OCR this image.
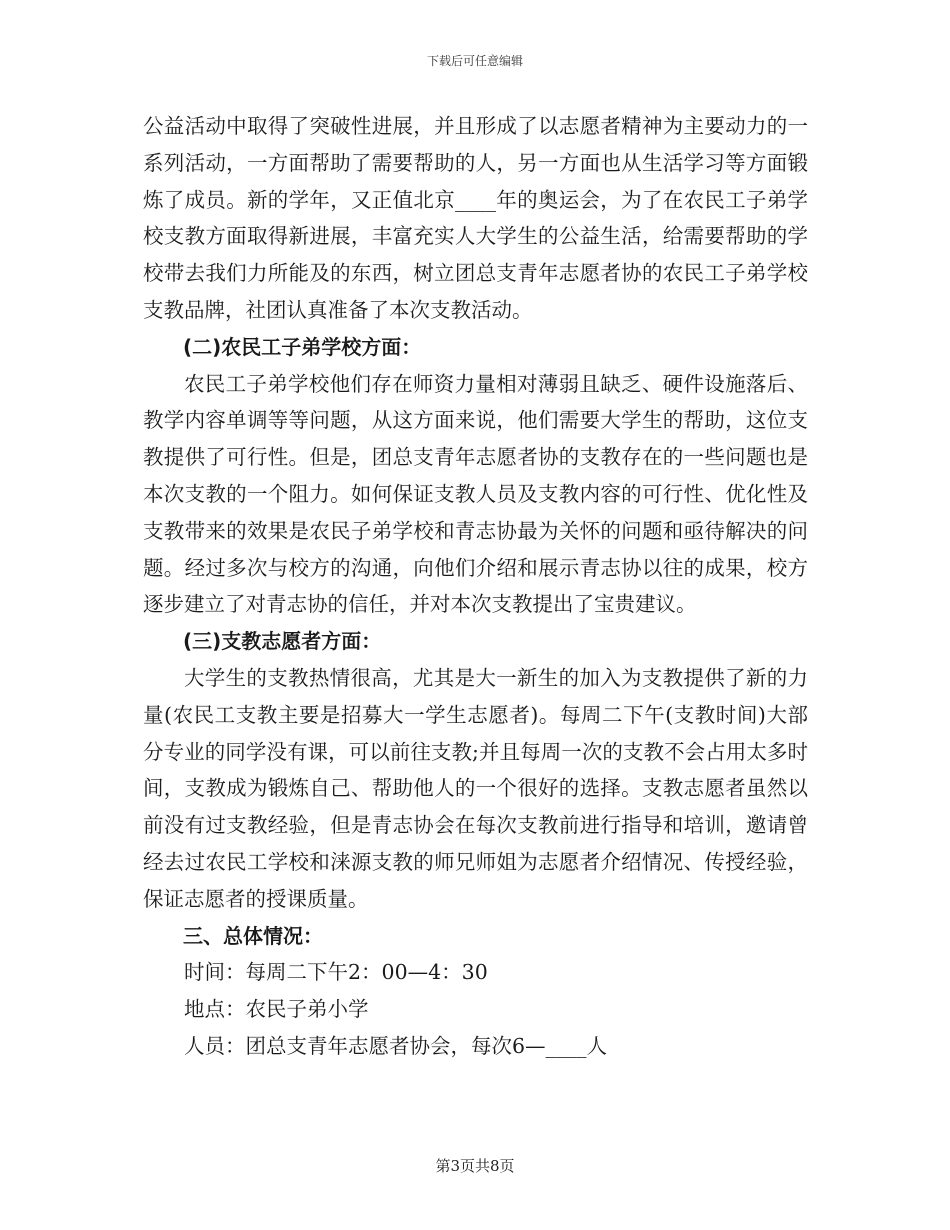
下载后可任意编辑

公益活动中取得了突破性进展，并且形成了以志愿者精神为主要动力的一系列活动，一方面帮助了需要帮助的人，另一方面也从生活学习等方面锻炼了成员。新的学年，又正值北京____年的奥运会，为了在农民工子弟学校支教方面取得新进展，丰富充实人大学生的公益生活，给需要帮助的学校带去我们力所能及的东西，树立团总支青年志愿者协的农民工子弟学校支教品牌，社团认真准备了本次支教活动。

(二)农民工子弟学校方面：

农民工子弟学校他们存在师资力量相对薄弱且缺乏、硬件设施落后、教学内容单调等等问题，从这方面来说，他们需要大学生的帮助，这位支教提供了可行性。但是，团总支青年志愿者协的支教存在的一些问题也是本次支教的一个阻力。如何保证支教人员及支教内容的可行性、优化性及支教带来的效果是农民子弟学校和青志协最为关怀的问题和亟待解决的问题。经过多次与校方的沟通，向他们介绍和展示青志协以往的成果，校方逐步建立了对青志协的信任，并对本次支教提出了宝贵建议。

(三)支教志愿者方面：

大学生的支教热情很高，尤其是大一新生的加入为支教提供了新的力量(农民工支教主要是招募大一学生志愿者)。每周二下午(支教时间)大部分专业的同学没有课，可以前往支教;并且每周一次的支教不会占用太多时间，支教成为锻炼自己、帮助他人的一个很好的选择。支教志愿者虽然以前没有过支教经验，但是青志协会在每次支教前进行指导和培训，邀请曾经去过农民工学校和涞源支教的师兄师姐为志愿者介绍情况、传授经验，保证志愿者的授课质量。

三、总体情况：

时间：每周二下午2：00—4：30

地点：农民子弟小学

人员：团总支青年志愿者协会，每次6—____人

第3页共8页
